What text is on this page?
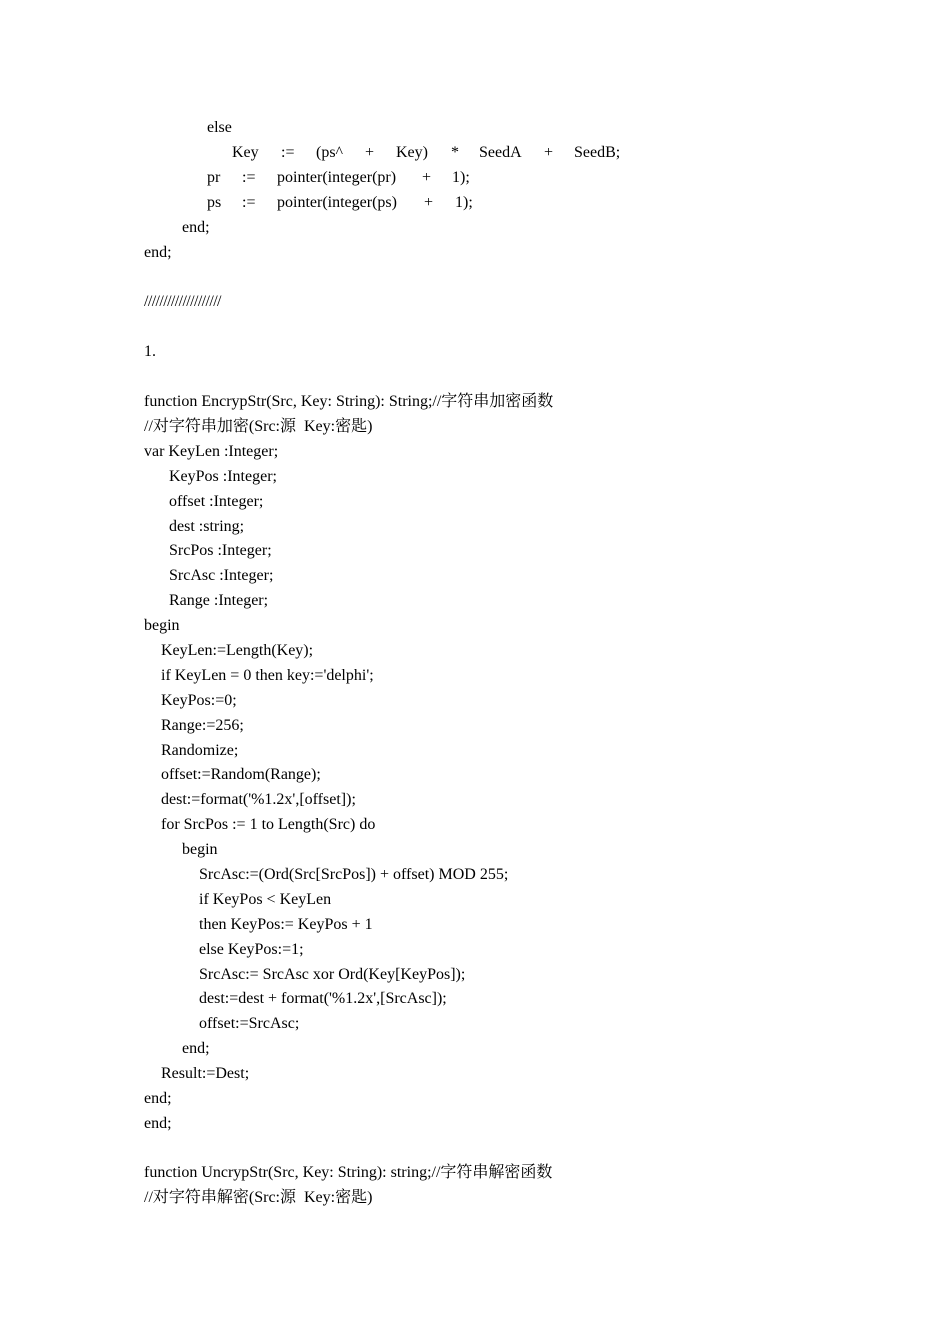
else
Key := (ps^ + Key) * SeedA + SeedB;
pr := pointer(integer(pr) + 1);
ps := pointer(integer(ps) + 1);
end;
end;
////////////////////
1.
function EncrypStr(Src, Key: String): String;//字符串加密函数
//对字符串加密(Src:源  Key:密匙)
var KeyLen :Integer;
KeyPos :Integer;
offset :Integer;
dest :string;
SrcPos :Integer;
SrcAsc :Integer;
Range :Integer;
begin
KeyLen:=Length(Key);
if KeyLen = 0 then key:='delphi';
KeyPos:=0;
Range:=256;
Randomize;
offset:=Random(Range);
dest:=format('%1.2x',[offset]);
for SrcPos := 1 to Length(Src) do
begin
SrcAsc:=(Ord(Src[SrcPos]) + offset) MOD 255;
if KeyPos < KeyLen
then KeyPos:= KeyPos + 1
else KeyPos:=1;
SrcAsc:= SrcAsc xor Ord(Key[KeyPos]);
dest:=dest + format('%1.2x',[SrcAsc]);
offset:=SrcAsc;
end;
Result:=Dest;
end;
end;
function UncrypStr(Src, Key: String): string;//字符串解密函数
//对字符串解密(Src:源  Key:密匙)
